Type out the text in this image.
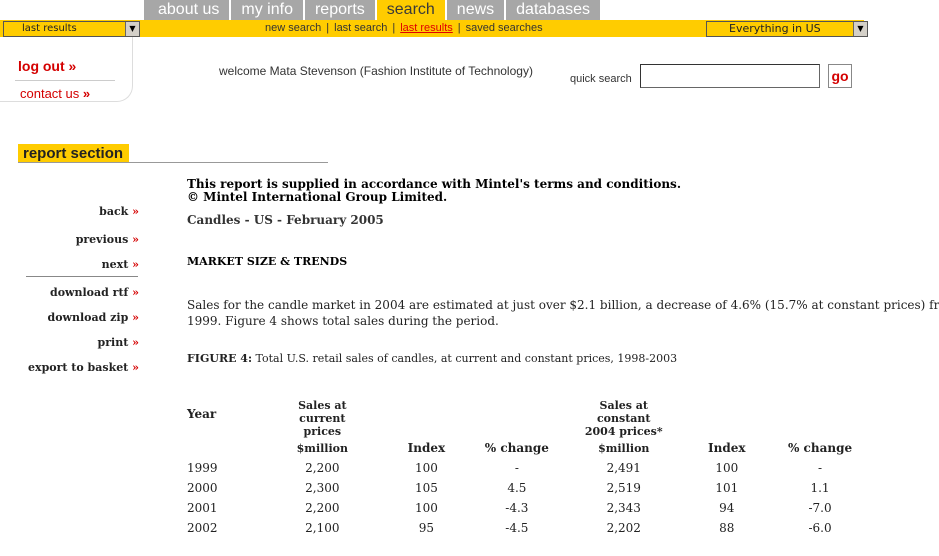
about us	my info	reports	search	news	databases
last results	▼	new search | last search | last results | saved searches	Everything in US	▼
log out »
contact us »
welcome Mata Stevenson (Fashion Institute of Technology)
quick search	go
report section
back »
previous »
next »
download rtf »
download zip »
print »
export to basket »
This report is supplied in accordance with Mintel's terms and conditions.
© Mintel International Group Limited.
Candles - US - February 2005
MARKET SIZE & TRENDS
Sales for the candle market in 2004 are estimated at just over $2.1 billion, a decrease of 4.6% (15.7% at constant prices) fr
1999. Figure 4 shows total sales during the period.
FIGURE 4: Total U.S. retail sales of candles, at current and constant prices, 1998-2003
Year	Sales at current prices			Sales at constant 2004 prices*		

	$million	Index	% change	$million	Index	% change
1999	2,200	100	-	2,491	100	-
2000	2,300	105	4.5	2,519	101	1.1
2001	2,200	100	-4.3	2,343	94	-7.0
2002	2,100	95	-4.5	2,202	88	-6.0
